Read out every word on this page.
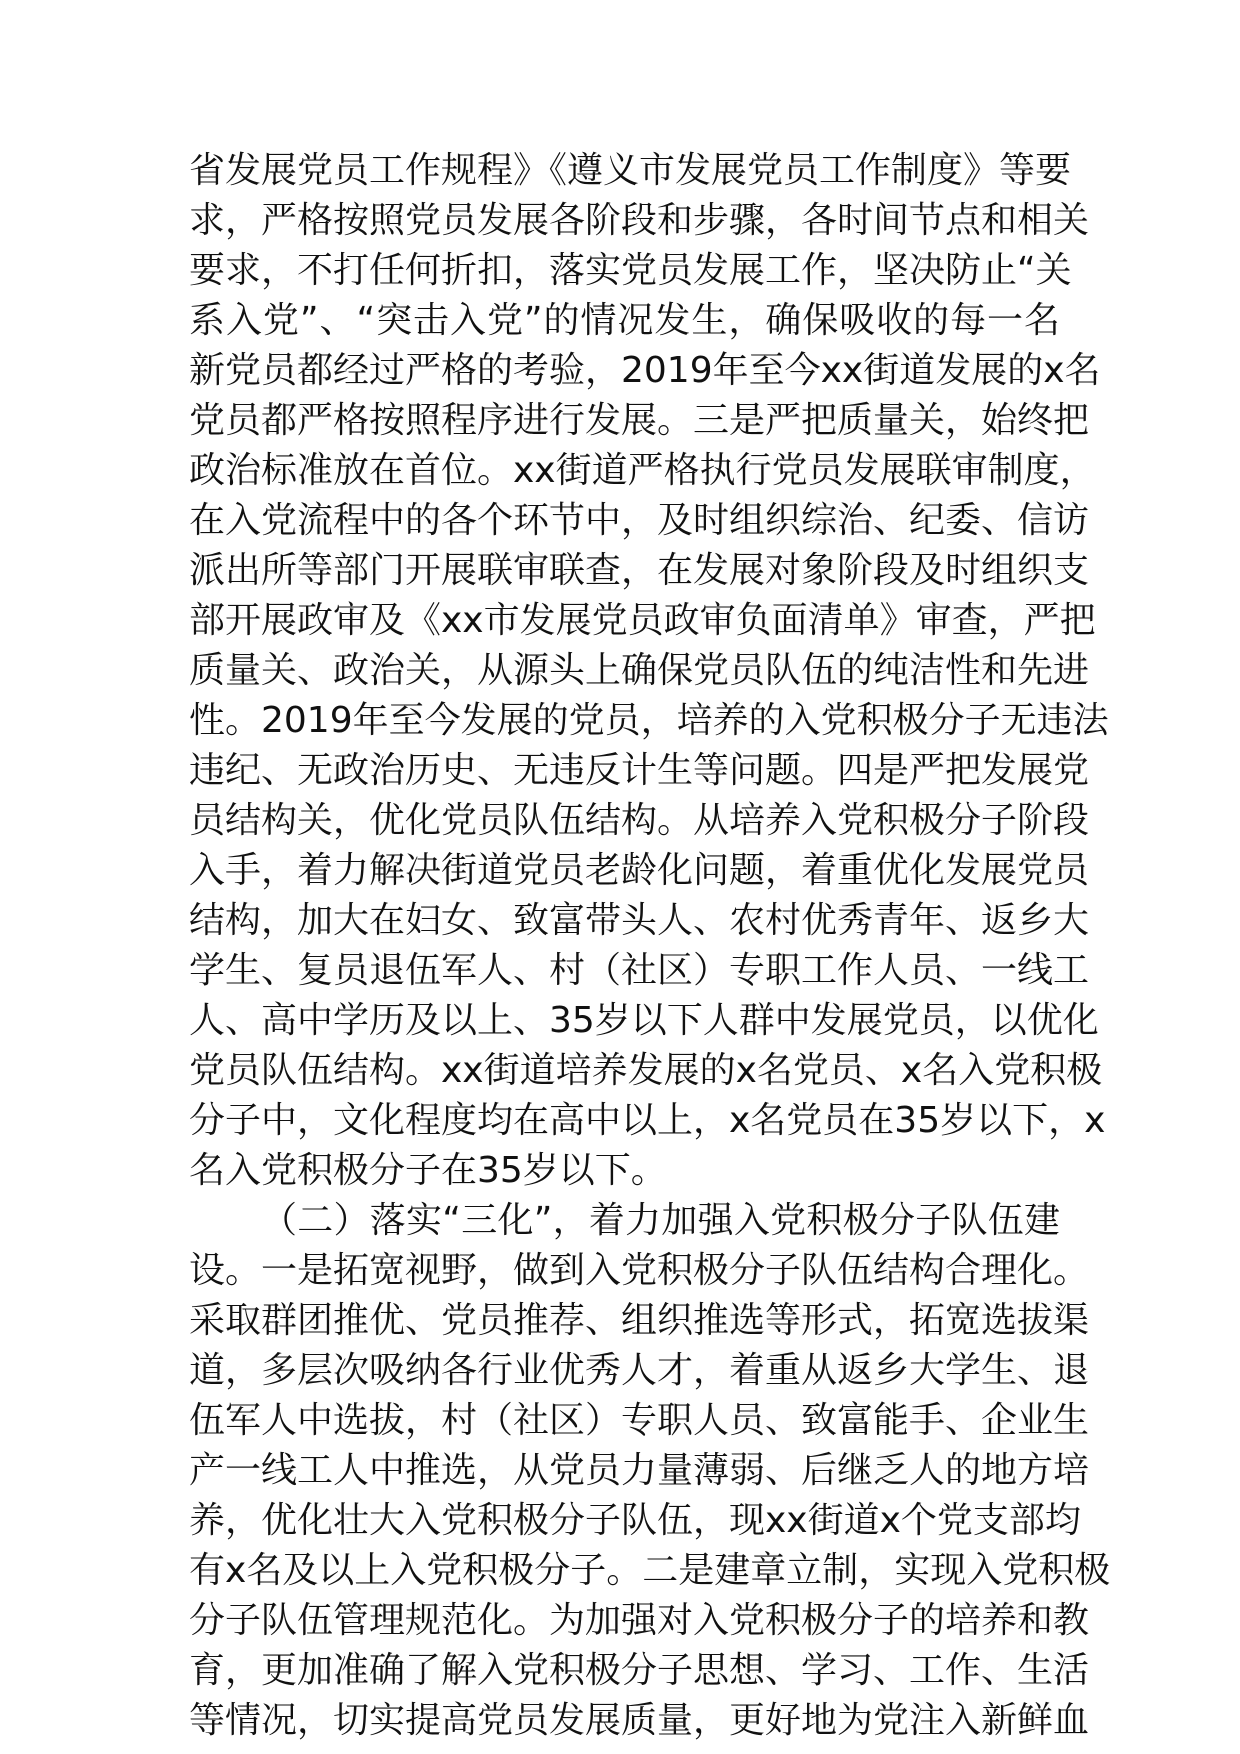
省发展党员工作规程》《遵义市发展党员工作制度》等要
求，严格按照党员发展各阶段和步骤，各时间节点和相关
要求，不打任何折扣，落实党员发展工作，坚决防止“关
系入党”、“突击入党”的情况发生，确保吸收的每一名
新党员都经过严格的考验，2019年至今xx街道发展的x名
党员都严格按照程序进行发展。三是严把质量关，始终把
政治标准放在首位。xx街道严格执行党员发展联审制度，
在入党流程中的各个环节中，及时组织综治、纪委、信访
派出所等部门开展联审联查，在发展对象阶段及时组织支
部开展政审及《xx市发展党员政审负面清单》审查，严把
质量关、政治关，从源头上确保党员队伍的纯洁性和先进
性。2019年至今发展的党员，培养的入党积极分子无违法
违纪、无政治历史、无违反计生等问题。四是严把发展党
员结构关，优化党员队伍结构。从培养入党积极分子阶段
入手，着力解决街道党员老龄化问题，着重优化发展党员
结构，加大在妇女、致富带头人、农村优秀青年、返乡大
学生、复员退伍军人、村（社区）专职工作人员、一线工
人、高中学历及以上、35岁以下人群中发展党员，以优化
党员队伍结构。xx街道培养发展的x名党员、x名入党积极
分子中，文化程度均在高中以上，x名党员在35岁以下，x
名入党积极分子在35岁以下。
（二）落实“三化”，着力加强入党积极分子队伍建
设。一是拓宽视野，做到入党积极分子队伍结构合理化。
采取群团推优、党员推荐、组织推选等形式，拓宽选拔渠
道，多层次吸纳各行业优秀人才，着重从返乡大学生、退
伍军人中选拔，村（社区）专职人员、致富能手、企业生
产一线工人中推选，从党员力量薄弱、后继乏人的地方培
养，优化壮大入党积极分子队伍，现xx街道x个党支部均
有x名及以上入党积极分子。二是建章立制，实现入党积极
分子队伍管理规范化。为加强对入党积极分子的培养和教
育，更加准确了解入党积极分子思想、学习、工作、生活
等情况，切实提高党员发展质量，更好地为党注入新鲜血
